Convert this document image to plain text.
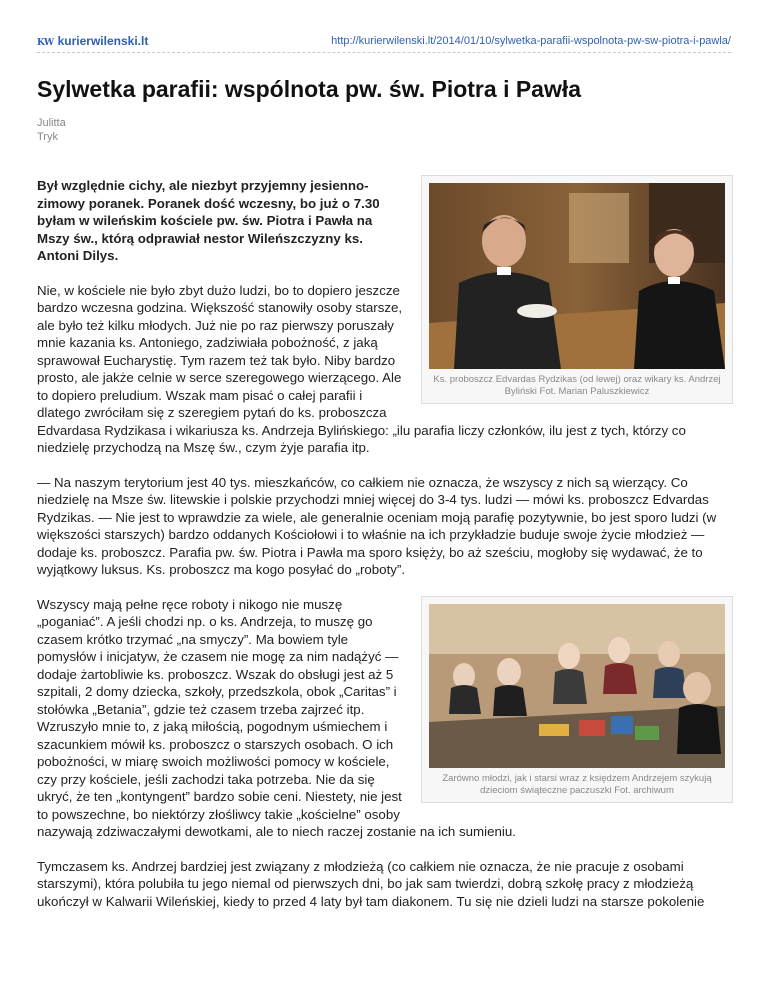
KW kurierwilenski.lt	http://kurierwilenski.lt/2014/01/10/sylwetka-parafii-wspolnota-pw-sw-piotra-i-pawla/
Sylwetka parafii: wspólnota pw. św. Piotra i Pawła
Julitta
Tryk
Ks. proboszcz Edvardas Rydzikas (od lewej) oraz wikary ks. Andrzej Byliński Fot. Marian Paluszkiewicz

Był względnie cichy, ale niezbyt przyjemny jesienno-zimowy poranek. Poranek dość wczesny, bo już o 7.30 byłam w wileńskim kościele pw. św. Piotra i Pawła na Mszy św., którą odprawiał nestor Wileńszczyzny ks. Antoni Dilys.

Nie, w kościele nie było zbyt dużo ludzi, bo to dopiero jeszcze bardzo wczesna godzina. Większość stanowiły osoby starsze, ale było też kilku młodych. Już nie po raz pierwszy poruszały mnie kazania ks. Antoniego, zadziwiała pobożność, z jaką sprawował Eucharystię. Tym razem też tak było. Niby bardzo prosto, ale jakże celnie w serce szeregowego wierzącego. Ale to dopiero preludium. Wszak mam pisać o całej parafii i dlatego zwróciłam się z szeregiem pytań do ks. proboszcza Edvardasa Rydzikasa i wikariusza ks. Andrzeja Bylińskiego: „ilu parafia liczy członków, ilu jest z tych, którzy co niedzielę przychodzą na Mszę św., czym żyje parafia itp.

— Na naszym terytorium jest 40 tys. mieszkańców, co całkiem nie oznacza, że wszyscy z nich są wierzący. Co niedzielę na Msze św. litewskie i polskie przychodzi mniej więcej do 3-4 tys. ludzi — mówi ks. proboszcz Edvardas Rydzikas. — Nie jest to wprawdzie za wiele, ale generalnie oceniam moją parafię pozytywnie, bo jest sporo ludzi (w większości starszych) bardzo oddanych Kościołowi i to właśnie na ich przykładzie buduje swoje życie młodzież — dodaje ks. proboszcz. Parafia pw. św. Piotra i Pawła ma sporo księży, bo aż sześciu, mogłoby się wydawać, że to wyjątkowy luksus. Ks. proboszcz ma kogo posyłać do „roboty”.

Zarówno młodzi, jak i starsi wraz z księdzem Andrzejem szykują dzieciom świąteczne paczuszki Fot. archiwum

Wszyscy mają pełne ręce roboty i nikogo nie muszę „poganiać”. A jeśli chodzi np. o ks. Andrzeja, to muszę go czasem krótko trzymać „na smyczy”. Ma bowiem tyle pomysłów i inicjatyw, że czasem nie mogę za nim nadążyć — dodaje żartobliwie ks. proboszcz. Wszak do obsługi jest aż 5 szpitali, 2 domy dziecka, szkoły, przedszkola, obok „Caritas” i stołówka „Betania”, gdzie też czasem trzeba zajrzeć itp. Wzruszyło mnie to, z jaką miłością, pogodnym uśmiechem i szacunkiem mówił ks. proboszcz o starszych osobach. O ich pobożności, w miarę swoich możliwości pomocy w kościele, czy przy kościele, jeśli zachodzi taka potrzeba. Nie da się ukryć, że ten „kontyngent” bardzo sobie ceni. Niestety, nie jest to powszechne, bo niektórzy złośliwcy takie „kościelne” osoby nazywają zdziwaczałymi dewotkami, ale to niech raczej zostanie na ich sumieniu.

Tymczasem ks. Andrzej bardziej jest związany z młodzieżą (co całkiem nie oznacza, że nie pracuje z osobami starszymi), która polubiła tu jego niemal od pierwszych dni, bo jak sam twierdzi, dobrą szkołę pracy z młodzieżą ukończył w Kalwarii Wileńskiej, kiedy to przed 4 laty był tam diakonem. Tu się nie dzieli ludzi na starsze pokolenie
